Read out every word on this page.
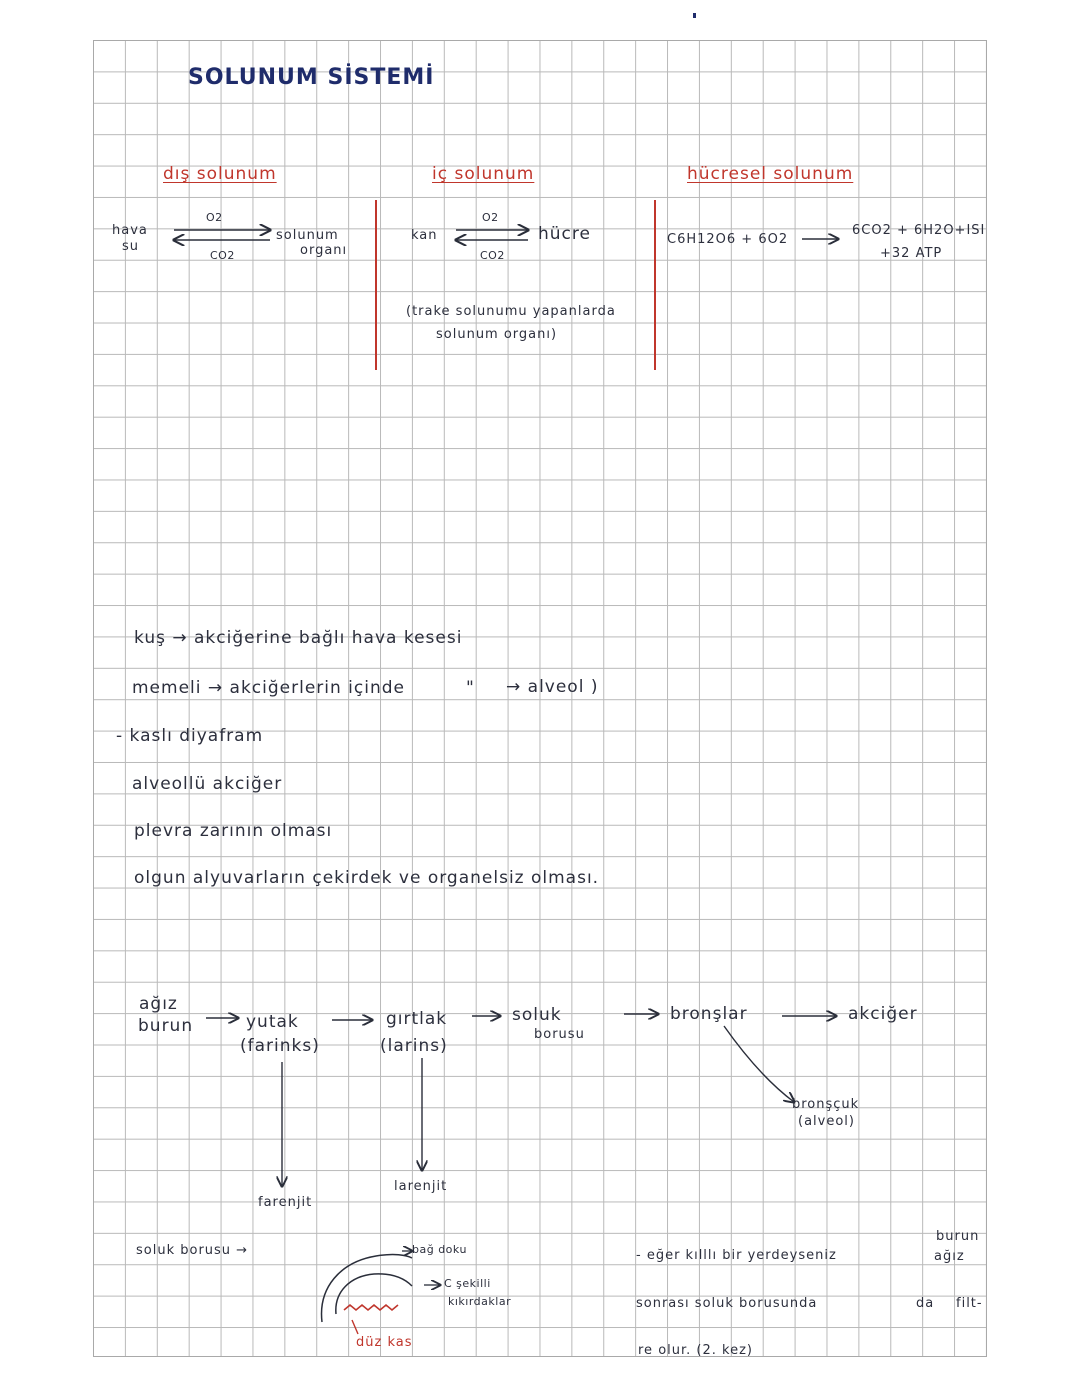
SOLUNUM SİSTEMİ
dış solunum	iç solunum	hücresel solunum
hava
su
O2
CO2
solunum
organı
kan
O2
CO2
hücre
(trake solunumu yapanlarda
solunum organı)
C6H12O6 + 6O2
6CO2 + 6H2O+ISI
+32 ATP
kuş → akciğerine bağlı hava kesesi
memeli → akciğerlerin içinde	" → alveol )
- kaslı diyafram
alveollü akciğer
plevra zarının olması
olgun alyuvarların çekirdek ve organelsiz olması.
ağız
burun	yutak
(farinks)
gırtlak
(larins)
soluk
borusu
bronşlar	akciğer
bronşçuk
(alveol)
farenjit
larenjit
soluk borusu →	bağ doku
C şekilli
kıkırdaklar
düz kas
burun
- eğer kılllı bir yerdeyseniz	ağız
sonrası soluk borusunda	da filt-
re olur. (2. kez)
